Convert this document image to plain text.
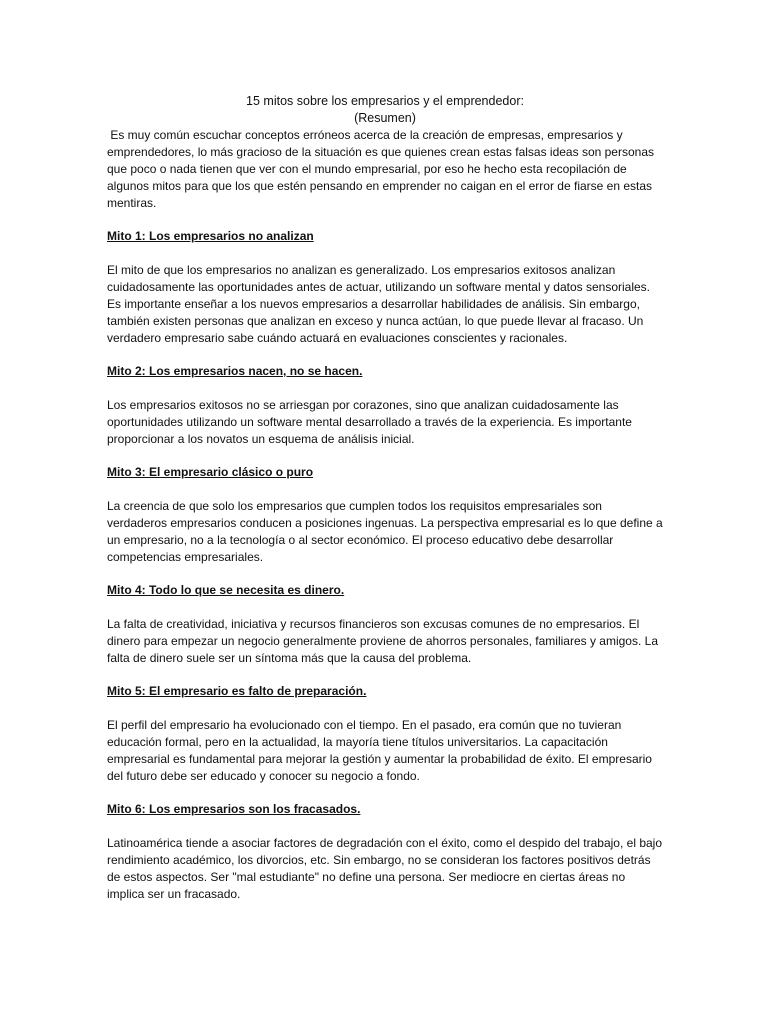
15 mitos sobre los empresarios y el emprendedor:
(Resumen)

Es muy común escuchar conceptos erróneos acerca de la creación de empresas, empresarios y emprendedores, lo más gracioso de la situación es que quienes crean estas falsas ideas son personas que poco o nada tienen que ver con el mundo empresarial, por eso he hecho esta recopilación de algunos mitos para que los que estén pensando en emprender no caigan en el error de fiarse en estas mentiras.

Mito 1: Los empresarios no analizan

El mito de que los empresarios no analizan es generalizado. Los empresarios exitosos analizan cuidadosamente las oportunidades antes de actuar, utilizando un software mental y datos sensoriales. Es importante enseñar a los nuevos empresarios a desarrollar habilidades de análisis. Sin embargo, también existen personas que analizan en exceso y nunca actúan, lo que puede llevar al fracaso. Un verdadero empresario sabe cuándo actuará en evaluaciones conscientes y racionales.

Mito 2: Los empresarios nacen, no se hacen.

Los empresarios exitosos no se arriesgan por corazones, sino que analizan cuidadosamente las oportunidades utilizando un software mental desarrollado a través de la experiencia. Es importante proporcionar a los novatos un esquema de análisis inicial.

Mito 3: El empresario clásico o puro

La creencia de que solo los empresarios que cumplen todos los requisitos empresariales son verdaderos empresarios conducen a posiciones ingenuas. La perspectiva empresarial es lo que define a un empresario, no a la tecnología o al sector económico. El proceso educativo debe desarrollar competencias empresariales.

Mito 4: Todo lo que se necesita es dinero.

La falta de creatividad, iniciativa y recursos financieros son excusas comunes de no empresarios. El dinero para empezar un negocio generalmente proviene de ahorros personales, familiares y amigos. La falta de dinero suele ser un síntoma más que la causa del problema.

Mito 5: El empresario es falto de preparación.

El perfil del empresario ha evolucionado con el tiempo. En el pasado, era común que no tuvieran educación formal, pero en la actualidad, la mayoría tiene títulos universitarios. La capacitación empresarial es fundamental para mejorar la gestión y aumentar la probabilidad de éxito. El empresario del futuro debe ser educado y conocer su negocio a fondo.

Mito 6: Los empresarios son los fracasados.

Latinoamérica tiende a asociar factores de degradación con el éxito, como el despido del trabajo, el bajo rendimiento académico, los divorcios, etc. Sin embargo, no se consideran los factores positivos detrás de estos aspectos. Ser "mal estudiante" no define una persona. Ser mediocre en ciertas áreas no implica ser un fracasado.
